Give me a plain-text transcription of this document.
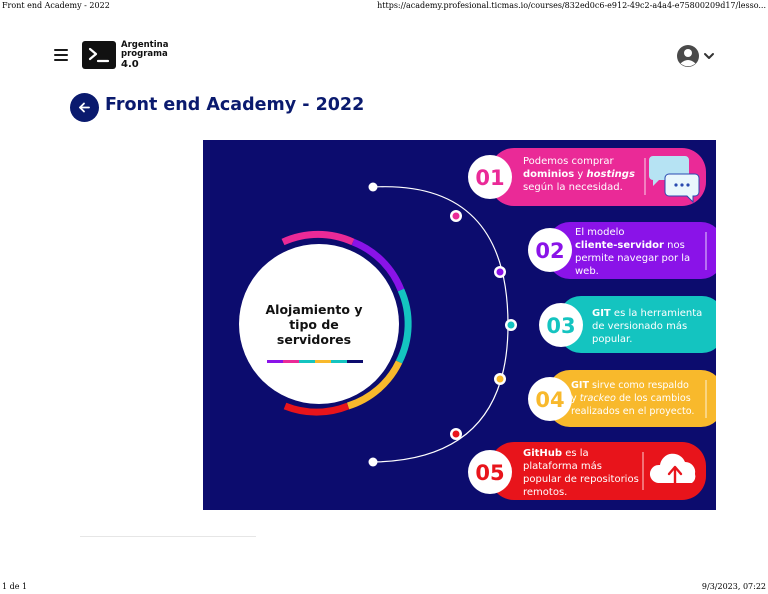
Front end Academy - 2022	https://academy.profesional.ticmas.io/courses/832ed0c6-e912-49c2-a4a4-e75800209d17/lesso...
Argentina
programa
4.0
Front end Academy - 2022
Alojamiento y
tipo de
servidores
01
Podemos comprar
dominios y hostings
según la necesidad.
02
El modelo
cliente-servidor nos
permite navegar por la
web.
03
GIT es la herramienta
de versionado más
popular.
04
GIT sirve como respaldo
y trackeo de los cambios
realizados en el proyecto.
05
GitHub es la
plataforma más
popular de repositorios
remotos.
1 de 1	9/3/2023, 07:22
